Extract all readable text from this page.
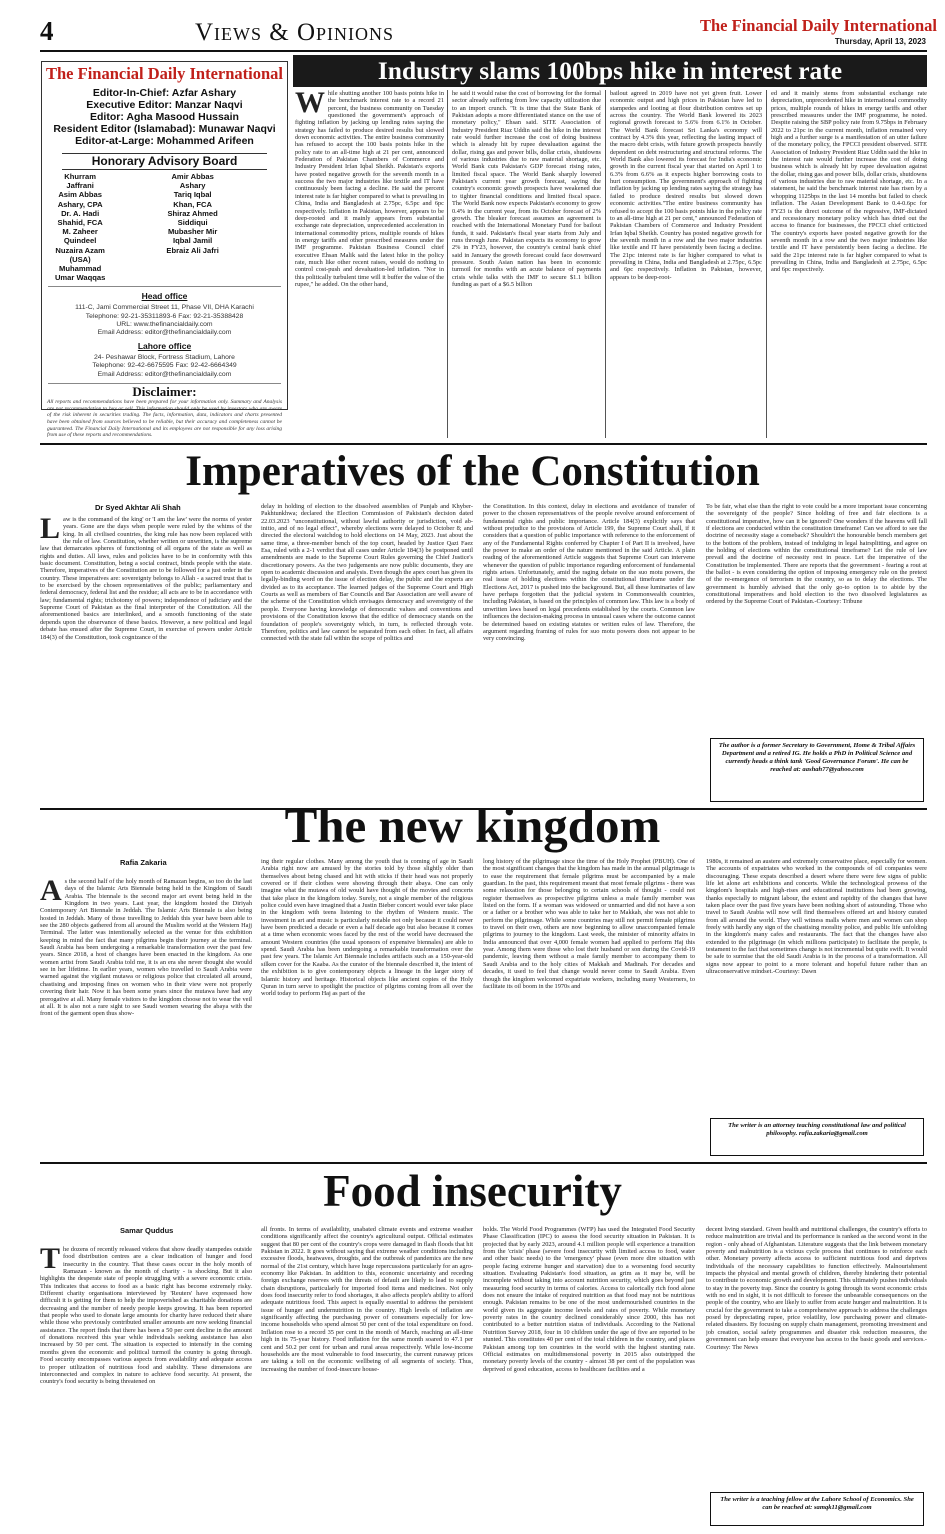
4	Views & Opinions	The Financial Daily International
Thursday, April 13, 2023
The Financial Daily International
Editor-In-Chief: Azfar Ashary
Executive Editor: Manzar Naqvi
Editor: Agha Masood Hussain
Resident Editor (Islamabad): Munawar Naqvi
Editor-at-Large: Mohammed Arifeen
Honorary Advisory Board
Khurram Jaffrani
Asim Abbas Ashary, CPA
Dr. A. Hadi Shahid, FCA
M. Zaheer Quindeel
Nuzaira Azam (USA)
Muhammad Umar Waqqas
Amir Abbas Ashary
Tariq Iqbal Khan, FCA
Shiraz Ahmed Siddiqui
Mubasher Mir
Iqbal Jamil
Ebraiz Ali Jafri
Head office
111-C, Jami Commercial Street 11, Phase VII, DHA Karachi
Telephone: 92-21-35311893-6 Fax: 92-21-35388428
URL: www.thefinancialdaily.com
Email Address: editor@thefinancialdaily.com
Lahore office
24- Peshawar Block, Fortress Stadium, Lahore
Telephone: 92-42-6675595 Fax: 92-42-6664349
Email Address: editor@thefinancialdaily.com
Disclaimer:
All reports and recommendations have been prepared for your information only. Summary and Analysis are not recommendation to buy or sell. This information should only be used by investors who are aware of the risk inherent in securities trading. The facts, information, data, indicators and charts presented have been obtained from sources believed to be reliable, but their accuracy and completeness cannot be guaranteed. The Financial Daily International and its employees are not responsible for any loss arising from use of these reports and recommendations.
Industry slams 100bps hike in interest rate
While shutting another 100 basis points hike in the benchmark interest rate to a record 21 percent, the business community on Tuesday questioned the government's approach of fighting inflation by jacking up lending rates saying the strategy has failed to produce desired results but slowed down economic activities. The entire business community has refused to accept the 100 basis points hike in the policy rate to an all-time high at 21 per cent, announced Federation of Pakistan Chambers of Commerce and Industry President Irfan Iqbal Sheikh. Pakistan's exports have posted negative growth for the seventh month in a success the two major industries like textile and IT have continuously been facing a decline. He said the percent interest rate is far higher compared to what is prevailing in China, India and Bangladesh at 2.75pc, 6.5pc and 6pc respectively. Inflation in Pakistan, however, appears to be deep-rooted and it mainly appears from substantial exchange rate depreciation, unprecedented acceleration in international commodity prices, multiple rounds of hikes in energy tariffs and other prescribed measures under the IMF programme. Pakistan Business Council chief executive Ehsan Malik said the latest hike in the policy rate, much like other recent raises, would do nothing to control cost-push and devaluation-led inflation. "Nor in this politically turbulent time will it buffer the value of the rupee," he added. On the other hand,
he said it would raise the cost of borrowing for the formal sector already suffering from low capacity utilization due to an import crunch. "It is time that the State Bank of Pakistan adopts a more differentiated stance on the use of monetary policy," Ehsan said. SITE Association of Industry President Riaz Uddin said the hike in the interest rate would further increase the cost of doing business which is already hit by rupee devaluation against the dollar, rising gas and power bills, dollar crisis, shutdowns of various industries due to raw material shortage, etc. World Bank cuts Pakistan's GDP forecast rising rates, limited fiscal space. The World Bank sharply lowered Pakistan's current year growth forecast, saying the country's economic growth prospects have weakened due to tighter financial conditions and limited fiscal space. The World Bank now expects Pakistan's economy to grow 0.4% in the current year, from its October forecast of 2% growth. The bleaker forecast assumes an agreement is reached with the International Monetary Fund for bailout funds, it said. Pakistan's fiscal year starts from July and runs through June. Pakistan expects its economy to grow 2% in FY23, however, the country's central bank chief said in January the growth forecast could face downward pressure. South Asian nation has been in economic turmoil for months with an acute balance of payments crisis while talks with the IMF to secure $1.1 billion funding as part of a $6.5 billion
bailout agreed in 2019 have not yet given fruit. Lower economic output and high prices in Pakistan have led to stampedes and looting at flour distribution centres set up across the country. The World Bank lowered its 2023 regional growth forecast to 5.6% from 6.1% in October. The World Bank forecast Sri Lanka's economy will contract by 4.3% this year, reflecting the lasting impact of the macro debt crisis, with future growth prospects heavily dependent on debt restructuring and structural reforms. The World Bank also lowered its forecast for India's economic growth in the current fiscal year that started on April 1 to 6.3% from 6.6% as it expects higher borrowing costs to hurt consumption. The government's approach of fighting inflation by jacking up lending rates saying the strategy has failed to produce desired results but slowed down economic activities."The entire business community has refused to accept the 100 basis points hike in the policy rate to an all-time high at 21 per cent," announced Federation of Pakistan Chambers of Commerce and Industry President Irfan Iqbal Sheikh. Country has posted negative growth for the seventh month in a row and the two major industries like textile and IT have persistently been facing a decline. The 21pc interest rate is far higher compared to what is prevailing in China, India and Bangladesh at 2.75pc, 6.5pc and 6pc respectively. Inflation in Pakistan, however, appears to be deep-root-
ed and it mainly stems from substantial exchange rate depreciation, unprecedented hike in international commodity prices, multiple rounds of hikes in energy tariffs and other prescribed measures under the IMF programme, he noted. Despite raising the SBP policy rate from 9.75bps in February 2022 to 21pc in the current month, inflation remained very high and a further surge is a manifestation of an utter failure of the monetary policy, the FPCCI president observed. SITE Association of Industry President Riaz Uddin said the hike in the interest rate would further increase the cost of doing business which is already hit by rupee devaluation against the dollar, rising gas and power bills, dollar crisis, shutdowns of various industries due to raw material shortage, etc. In a statement, he said the benchmark interest rate has risen by a whopping 1125bps in the last 14 months but failed to check inflation. The Asian Development Bank to 0.4-0.6pc for FY23 is the direct outcome of the regressive, IMF-dictated and recessionary monetary policy which has dried out the access to finance for businesses, the FPCCI chief criticized The country's exports have posted negative growth for the seventh month in a row and the two major industries like textile and IT have persistently been facing a decline. He said the 21pc interest rate is far higher compared to what is prevailing in China, India and Bangladesh at 2.75pc, 6.5pc and 6pc respectively.
Imperatives of the Constitution
Dr Syed Akhtar Ali Shah
Law is the command of the king' or 'I am the law' were the norms of yester years. Gone are the days when people were ruled by the whims of the king. In all civilised countries, the king rule has now been replaced with the rule of law. Constitution, whether written or unwritten, is the supreme law that demarcates spheres of functioning of all organs of the state as well as rights and duties. All laws, rules and policies have to be in conformity with this basic document. Constitution, being a social contract, binds people with the state. Therefore, imperatives of the Constitution are to be followed for a just order in the country. These imperatives are: sovereignty belongs to Allah - a sacred trust that is to be exercised by the chosen representatives of the public; parliamentary and federal democracy, federal list and the residue; all acts are to be in accordance with law; fundamental rights; trichotomy of powers; independence of judiciary and the Supreme Court of Pakistan as the final interpreter of the Constitution. All the aforementioned basics are interlinked, and a smooth functioning of the state depends upon the observance of these basics. However, a new political and legal debate has ensued after the Supreme Court, in exercise of powers under Article 184(3) of the Constitution, took cognizance of the
delay in holding of election to the dissolved assemblies of Punjab and Khyber-Pakhtunkhwa; declared the Election Commission of Pakistan's decision dated 22.03.2023 "unconstitutional, without lawful authority or jurisdiction, void ab-initio, and of no legal effect", whereby elections were delayed to October 8; and directed the electoral watchdog to hold elections on 14 May, 2023. Just about the same time, a three-member bench of the top court, headed by Justice Qazi Faez Esa, ruled with a 2-1 verdict that all cases under Article 184(3) be postponed until amendments are made to the Supreme Court Rules governing the Chief Justice's discretionary powers. As the two judgements are now public documents, they are open to academic discussion and analysis. Even though the apex court has given its legally-binding word on the issue of election delay, the public and the experts are divided as to its acceptance. The learned judges of the Supreme Court and High Courts as well as members of Bar Councils and Bar Association are well aware of the scheme of the Constitution which envisages democracy and sovereignty of the people. Everyone having knowledge of democratic values and conventions and provisions of the Constitution knows that the edifice of democracy stands on the foundation of people's sovereignty which, in turn, is reflected through vote. Therefore, politics and law cannot be separated from each other. In fact, all affairs connected with the state fall within the scope of politics and
the Constitution. In this context, delay in elections and avoidance of transfer of power to the chosen representatives of the people revolve around enforcement of fundamental rights and public importance. Article 184(3) explicitly says that without prejudice to the provisions of Article 199, the Supreme Court shall, if it considers that a question of public importance with reference to the enforcement of any of the Fundamental Rights conferred by Chapter I of Part II is involved, have the power to make an order of the nature mentioned in the said Article. A plain reading of the aforementioned Article suggests that Supreme Court can intervene whenever the question of public importance regarding enforcement of fundamental rights arises. Unfortunately, amid the raging debate on the suo motu powers, the real issue of holding elections within the constitutional timeframe under the Elections Act, 2017 is pushed into the background. But, all these luminaries of law have perhaps forgotten that the judicial system in Commonwealth countries, including Pakistan, is based on the principles of common law. This law is a body of unwritten laws based on legal precedents established by the courts. Common law influences the decision-making process in unusual cases where the outcome cannot be determined based on existing statutes or written rules of law. Therefore, the argument regarding framing of rules for suo motu powers does not appear to be very convincing.
To be fair, what else than the right to vote could be a more important issue concerning the sovereignty of the people? Since holding of free and fair elections is a constitutional imperative, how can it be ignored? One wonders if the heavens will fall if elections are conducted within the constitution timeframe! Can we afford to see the doctrine of necessity stage a comeback? Shouldn't the honourable bench members get to the bottom of the problem, instead of indulging in legal hairsplitting, and agree on the holding of elections within the constitutional timeframe? Let the rule of law prevail and the doctrine of necessity rest in peace. Let the imperative of the Constitution be implemented. There are reports that the government - fearing a rout at the ballot - is even considering the option of imposing emergency rule on the pretext of the re-emergence of terrorism in the country, so as to delay the elections. The government is humbly advised that the only go-to option is to abide by the constitutional imperatives and hold election to the two dissolved legislatures as ordered by the Supreme Court of Pakistan.-Courtesy: Tribune
The author is a former Secretary to Government, Home & Tribal Affairs Department and a retired IG. He holds a PhD in Political Science and currently heads a think tank 'Good Governance Forum'. He can be reached at: aashah77@yahoo.com
The new kingdom
Rafia Zakaria
As the second half of the holy month of Ramazan begins, so too do the last days of the Islamic Arts Biennale being held in the Kingdom of Saudi Arabia. The biennale is the second major art event being held in the Kingdom in two years. Last year, the kingdom hosted the Diriyah Contemporary Art Biennale in Jeddah. The Islamic Arts Biennale is also being hosted in Jeddah. Many of those travelling to Jeddah this year have been able to see the 280 objects gathered from all around the Muslim world at the Western Hajj Terminal. The latter was intentionally selected as the venue for this exhibition keeping in mind the fact that many pilgrims begin their journey at the terminal. Saudi Arabia has been undergoing a remarkable transformation over the past few years. Since 2018, a host of changes have been enacted in the kingdom. As one women artist from Saudi Arabia told me, it is an era she never thought she would see in her lifetime. In earlier years, women who travelled to Saudi Arabia were warned against the vigilant mutawa or religious police that circulated all around, chastising and imposing fines on women who in their view were not properly covering their hair. Now it has been some years since the mutawa have had any prerogative at all. Many female visitors to the kingdom choose not to wear the veil at all. It is also not a rare sight to see Saudi women wearing the abaya with the front of the garment open thus show-
ing their regular clothes. Many among the youth that is coming of age in Saudi Arabia right now are amused by the stories told by those slightly older than themselves about being chased and hit with sticks if their head was not properly covered or if their clothes were showing through their abaya. One can only imagine what the mutawa of old would have thought of the movies and concerts that take place in the kingdom today. Surely, not a single member of the religious police could even have imagined that a Justin Bieber concert would ever take place in the kingdom with teens listening to the rhythm of Western music. The investment in art and music is particularly notable not only because it could never have been predicted a decade or even a half decade ago but also because it comes at a time when economic woes faced by the rest of the world have decreased the amount Western countries (the usual sponsors of expensive biennales) are able to spend. Saudi Arabia has been undergoing a remarkable transformation over the past few years. The Islamic Art Biennale includes artifacts such as a 150-year-old silken cover for the Kaaba. As the curator of the biennale described it, the intent of the exhibition is to give contemporary objects a lineage in the larger story of Islamic history and heritage. Historical objects like ancient copies of the Holy Quran in turn serve to spotlight the practice of pilgrims coming from all over the world today to perform Haj as part of the
long history of the pilgrimage since the time of the Holy Prophet (PBUH). One of the most significant changes that the kingdom has made in the annual pilgrimage is to ease the requirement that female pilgrims must be accompanied by a male guardian. In the past, this requirement meant that most female pilgrims - there was some relaxation for those belonging to certain schools of thought - could not register themselves as prospective pilgrims unless a male family member was listed on the form. If a woman was widowed or unmarried and did not have a son or a father or a brother who was able to take her to Makkah, she was not able to perform the pilgrimage. While some countries may still not permit female pilgrims to travel on their own, others are now beginning to allow unaccompanied female pilgrims to journey to the kingdom. Last week, the minister of minority affairs in India announced that over 4,000 female women had applied to perform Haj this year. Among them were those who lost their husband or son during the Covid-19 pandemic, leaving them without a male family member to accompany them to Saudi Arabia and to the holy cities of Makkah and Madinah. For decades and decades, it used to feel that change would never come to Saudi Arabia. Even though the kingdom welcomed expatriate workers, including many Westerners, to facilitate its oil boom in the 1970s and
1980s, it remained an austere and extremely conservative place, especially for women. The accounts of expatriates who worked in the compounds of oil companies were discouraging. These expats described a desert where there were few signs of public life let alone art exhibitions and concerts. While the technological prowess of the kingdom's hospitals and high-rises and educational institutions had been growing, thanks especially to migrant labour, the extent and rapidity of the changes that have taken place over the past five years have been nothing short of astounding. Those who travel to Saudi Arabia will now will find themselves offered art and history curated from all around the world. They will witness malls where men and women can shop freely with hardly any sign of the chastising morality police, and public life unfolding in the kingdom's many cafes and restaurants. The fact that the changes have also extended to the pilgrimage (in which millions participate) to facilitate the people, is testament to the fact that sometimes change is not incremental but quite swift. It would be safe to surmise that the old Saudi Arabia is in the process of a transformation. All signs now appear to point to a more tolerant and hopeful future rather than an ultraconservative mindset.-Courtesy: Dawn
The writer is an attorney teaching constitutional law and political philosophy. rafia.zakaria@gmail.com
Food insecurity
Samar Quddus
The dozens of recently released videos that show deadly stampedes outside food distribution centres are a clear indication of hunger and food insecurity in the country. That these cases occur in the holy month of Ramazan - known as the month of charity - is shocking. But it also highlights the desperate state of people struggling with a severe economic crisis. This indicates that access to food as a basic right has become extremely risky. Different charity organisations interviewed by 'Reuters' have expressed how difficult it is getting for them to help the impoverished as charitable donations are decreasing and the number of needy people keeps growing. It has been reported that people who used to donate large amounts for charity have reduced their share while those who previously contributed smaller amounts are now seeking financial assistance. The report finds that there has been a 50 per cent decline in the amount of donations received this year while individuals seeking assistance has also increased by 50 per cent. The situation is expected to intensify in the coming months given the economic and political turmoil the country is going through. Food security encompasses various aspects from availability and adequate access to proper utilization of nutritious food and stability. These dimensions are interconnected and complex in nature to achieve food security. At present, the country's food security is being threatened on
all fronts. In terms of availability, unabated climate events and extreme weather conditions significantly affect the country's agricultural output. Official estimates suggest that 80 per cent of the country's crops were damaged in flash floods that hit Pakistan in 2022. It goes without saying that extreme weather conditions including excessive floods, heatwaves, droughts, and the outbreak of pandemics are the new normal of the 21st century, which have huge repercussions particularly for an agro-economy like Pakistan. In addition to this, economic uncertainty and receding foreign exchange reserves with the threats of default are likely to lead to supply chain disruptions, particularly for imported food items and medicines. Not only does food insecurity refer to food shortages, it also affects people's ability to afford adequate nutritious food. This aspect is equally essential to address the persistent issue of hunger and undernutrition in the country. High levels of inflation are significantly affecting the purchasing power of consumers especially for low-income households who spend almost 50 per cent of the total expenditure on food. Inflation rose to a record 35 per cent in the month of March, reaching an all-time high in its 75-year history. Food inflation for the same month soared to 47.1 per cent and 50.2 per cent for urban and rural areas respectively. While low-income households are the most vulnerable to food insecurity, the current runaway prices are taking a toll on the economic wellbeing of all segments of society. Thus, increasing the number of food-insecure house-
holds. The World Food Programmes (WFP) has used the Integrated Food Security Phase Classification (IPC) to assess the food security situation in Pakistan. It is projected that by early 2023, around 4.1 million people will experience a transition from the 'crisis' phase (severe food insecurity with limited access to food, water and other basic needs) to the 'emergency' phase (even more dire situation with people facing extreme hunger and starvation) due to a worsening food security situation. Evaluating Pakistan's food situation, as grim as it may be, will be incomplete without taking into account nutrition security, which goes beyond just measuring food security in terms of calories. Access to calorically rich food alone does not ensure the intake of required nutrition as that food may not be nutritious enough. Pakistan remains to be one of the most undernourished countries in the world given its aggregate income levels and rates of poverty. While monetary poverty rates in the country declined considerably since 2000, this has not contributed to a better nutrition status of individuals. According to the National Nutrition Survey 2018, four in 10 children under the age of five are reported to be stunted. This constitutes 40 per cent of the total children in the country, and places Pakistan among top ten countries in the world with the highest stunting rate. Official estimates on multidimensional poverty in 2015 also outstripped the monetary poverty levels of the country - almost 38 per cent of the population was deprived of good education, access to healthcare facilities and a
decent living standard. Given health and nutritional challenges, the country's efforts to reduce malnutrition are trivial and its performance is ranked as the second worst in the region - only ahead of Afghanistan. Literature suggests that the link between monetary poverty and malnutrition is a vicious cycle process that continues to reinforce each other. Monetary poverty affects access to sufficient nutritious food and deprives individuals of the necessary capabilities to function effectively. Malnourishment impacts the physical and mental growth of children, thereby hindering their potential to contribute to economic growth and development. This ultimately pushes individuals to stay in the poverty trap. Since the country is going through its worst economic crisis with no end in sight, it is not difficult to foresee the unbearable consequences on the people of the country, who are likely to suffer from acute hunger and malnutrition. It is crucial for the government to take a comprehensive approach to address the challenges posed by depreciating rupee, price volatility, low purchasing power and climate-related disasters. By focusing on supply chain management, promoting investment and job creation, social safety programmes and disaster risk reduction measures, the government can help ensure that everyone has access to the basic goods and services.-Courtesy: The News
The writer is a teaching fellow at the Lahore School of Economics. She can be reached at: samqk11@gmail.com
